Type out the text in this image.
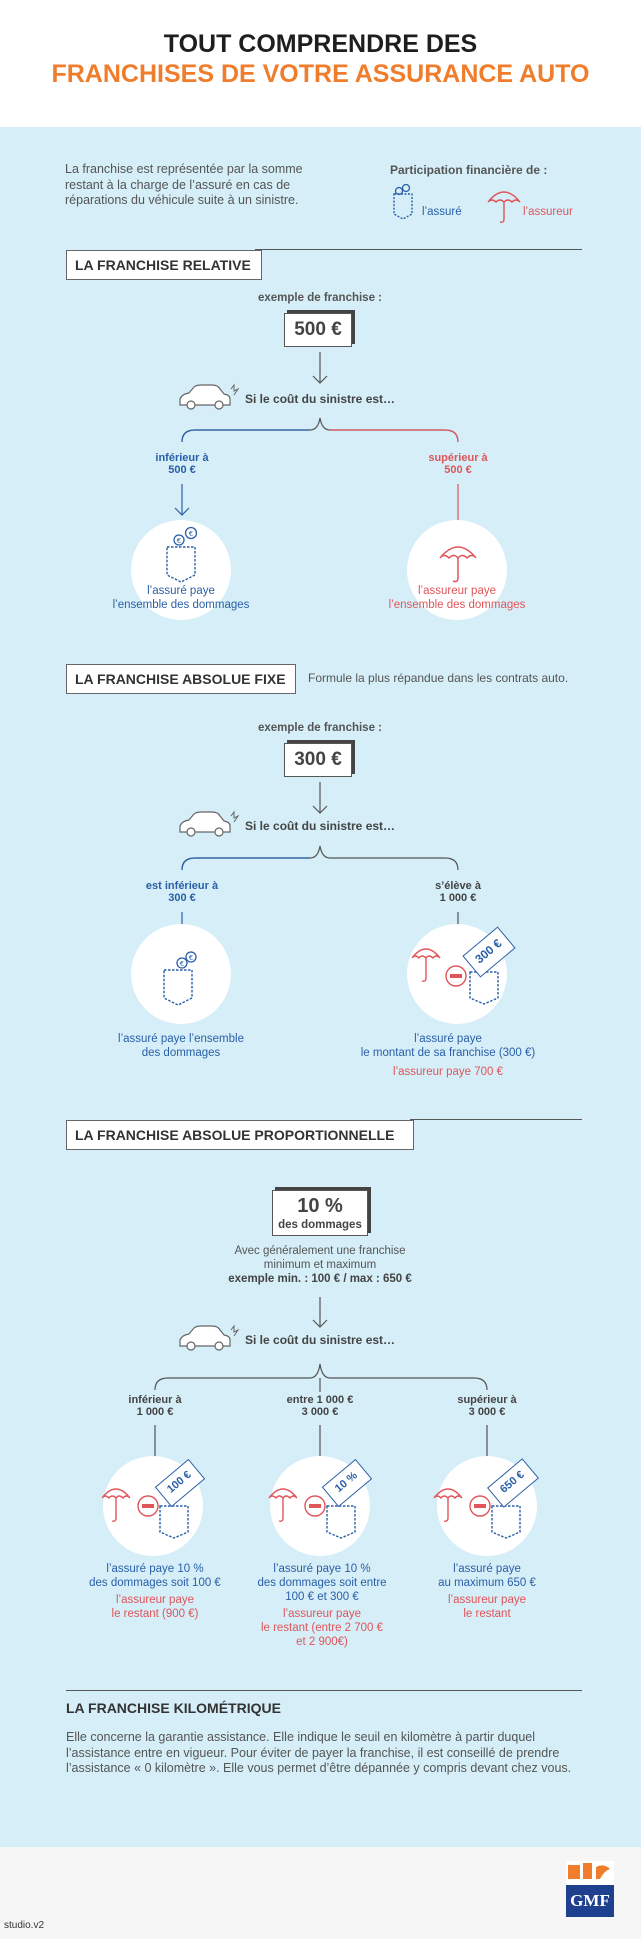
TOUT COMPRENDRE DES
FRANCHISES DE VOTRE ASSURANCE AUTO
La franchise est représentée par la somme
restant à la charge de l’assuré en cas de
réparations du véhicule suite à un sinistre.
Participation financière de :
l’assuré	l’assureur
LA FRANCHISE RELATIVE
exemple de franchise :
500 €
Si le coût du sinistre est…
inférieur à
500 €
supérieur à
500 €
€
€
l’assuré paye
l’ensemble des dommages
l’assureur paye
l’ensemble des dommages
LA FRANCHISE ABSOLUE FIXE	Formule la plus répandue dans les contrats auto.
exemple de franchise :
300 €
Si le coût du sinistre est…
est inférieur à
300 €
s’élève à
1 000 €
€
€
l’assuré paye l’ensemble
des dommages
300 €
l’assuré paye
le montant de sa franchise (300 €)
l’assureur paye 700 €
LA FRANCHISE ABSOLUE PROPORTIONNELLE
10 %
des dommages
Avec généralement une franchise
minimum et maximum
exemple min. : 100 € / max : 650 €
Si le coût du sinistre est…
inférieur à
1 000 €
entre 1 000 €
3 000 €
supérieur à
3 000 €
100 €	10 %	650 €
l’assuré paye 10 %
des dommages soit 100 €
l’assureur paye
le restant (900 €)
l’assuré paye 10 %
des dommages soit entre
100 € et 300 €
l’assureur paye
le restant (entre 2 700 €
et 2 900€)
l’assuré paye
au maximum 650 €
l’assureur paye
le restant
LA FRANCHISE KILOMÉTRIQUE
Elle concerne la garantie assistance. Elle indique le seuil en kilomètre à partir duquel
l’assistance entre en vigueur. Pour éviter de payer la franchise, il est conseillé de prendre
l’assistance « 0 kilomètre ». Elle vous permet d’être dépannée y compris devant chez vous.
GMF
studio.v2
